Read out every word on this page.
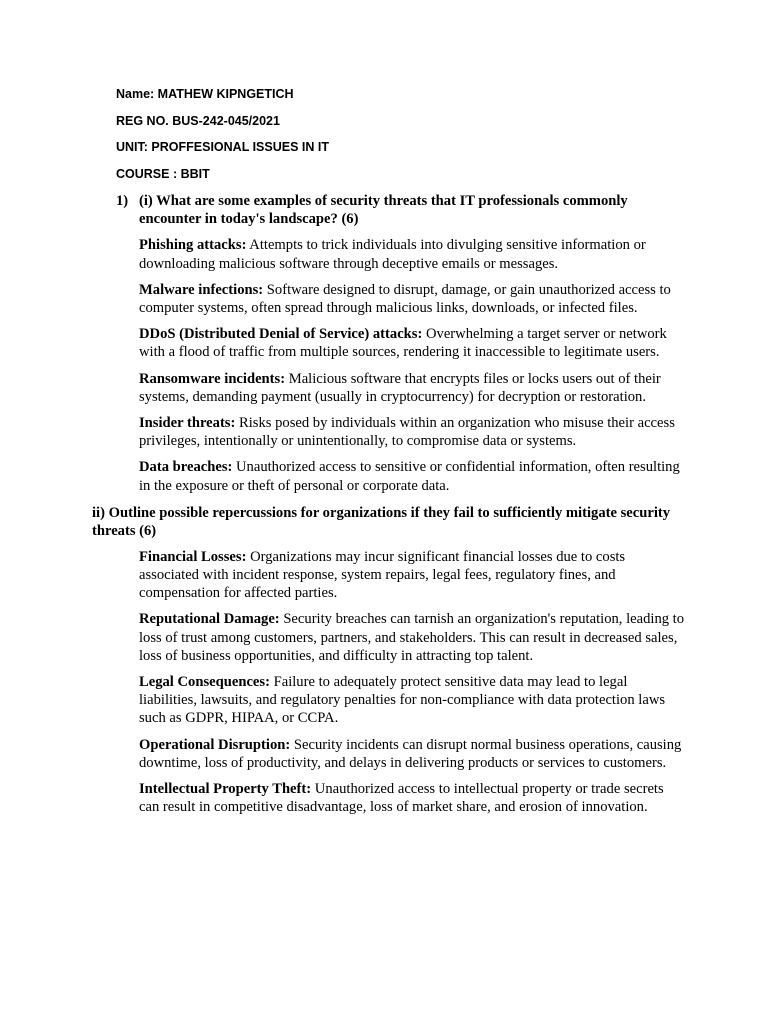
Name: MATHEW KIPNGETICH
REG NO. BUS-242-045/2021
UNIT: PROFFESIONAL ISSUES IN IT
COURSE : BBIT
1) (i) What are some examples of security threats that IT professionals commonly encounter in today's landscape? (6)
Phishing attacks: Attempts to trick individuals into divulging sensitive information or downloading malicious software through deceptive emails or messages.
Malware infections: Software designed to disrupt, damage, or gain unauthorized access to computer systems, often spread through malicious links, downloads, or infected files.
DDoS (Distributed Denial of Service) attacks: Overwhelming a target server or network with a flood of traffic from multiple sources, rendering it inaccessible to legitimate users.
Ransomware incidents: Malicious software that encrypts files or locks users out of their systems, demanding payment (usually in cryptocurrency) for decryption or restoration.
Insider threats: Risks posed by individuals within an organization who misuse their access privileges, intentionally or unintentionally, to compromise data or systems.
Data breaches: Unauthorized access to sensitive or confidential information, often resulting in the exposure or theft of personal or corporate data.
ii) Outline possible repercussions for organizations if they fail to sufficiently mitigate security threats (6)
Financial Losses: Organizations may incur significant financial losses due to costs associated with incident response, system repairs, legal fees, regulatory fines, and compensation for affected parties.
Reputational Damage: Security breaches can tarnish an organization's reputation, leading to loss of trust among customers, partners, and stakeholders. This can result in decreased sales, loss of business opportunities, and difficulty in attracting top talent.
Legal Consequences: Failure to adequately protect sensitive data may lead to legal liabilities, lawsuits, and regulatory penalties for non-compliance with data protection laws such as GDPR, HIPAA, or CCPA.
Operational Disruption: Security incidents can disrupt normal business operations, causing downtime, loss of productivity, and delays in delivering products or services to customers.
Intellectual Property Theft: Unauthorized access to intellectual property or trade secrets can result in competitive disadvantage, loss of market share, and erosion of innovation.
